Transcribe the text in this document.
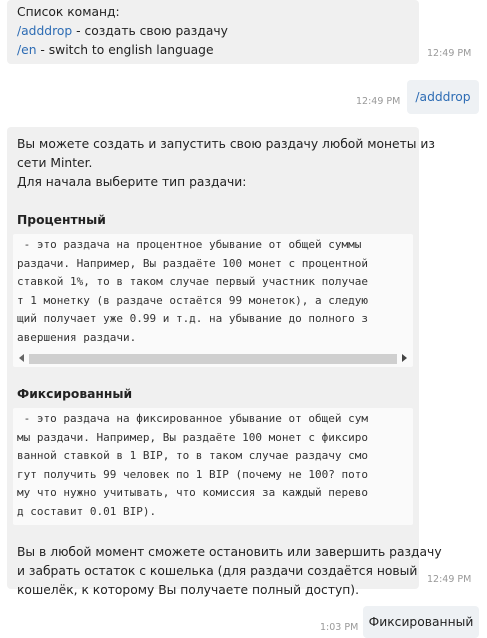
Список команд:
/adddrop - создать свою раздачу
/en - switch to english language	12:49 PM
12:49 PM	/adddrop
Вы можете создать и запустить свою раздачу любой монеты из
сети Minter.
Для начала выберите тип раздачи:
Процентный
- это раздача на процентное убывание от общей суммы
раздачи. Например, Вы раздаёте 100 монет с процентной
ставкой 1%, то в таком случае первый участник получае
т 1 монетку (в раздаче остаётся 99 монеток), а следую
щий получает уже 0.99 и т.д. на убывание до полного з
авершения раздачи.
Фиксированный
- это раздача на фиксированное убывание от общей сум
мы раздачи. Например, Вы раздаёте 100 монет с фиксиро
ванной ставкой в 1 BIP, то в таком случае раздачу смо
гут получить 99 человек по 1 BIP (почему не 100? пото
му что нужно учитывать, что комиссия за каждый перево
д составит 0.01 BIP).
Вы в любой момент сможете остановить или завершить раздачу
и забрать остаток с кошелька (для раздачи создаётся новый
кошелёк, к которому Вы получаете полный доступ).
12:49 PM
1:03 PM Фиксированный
